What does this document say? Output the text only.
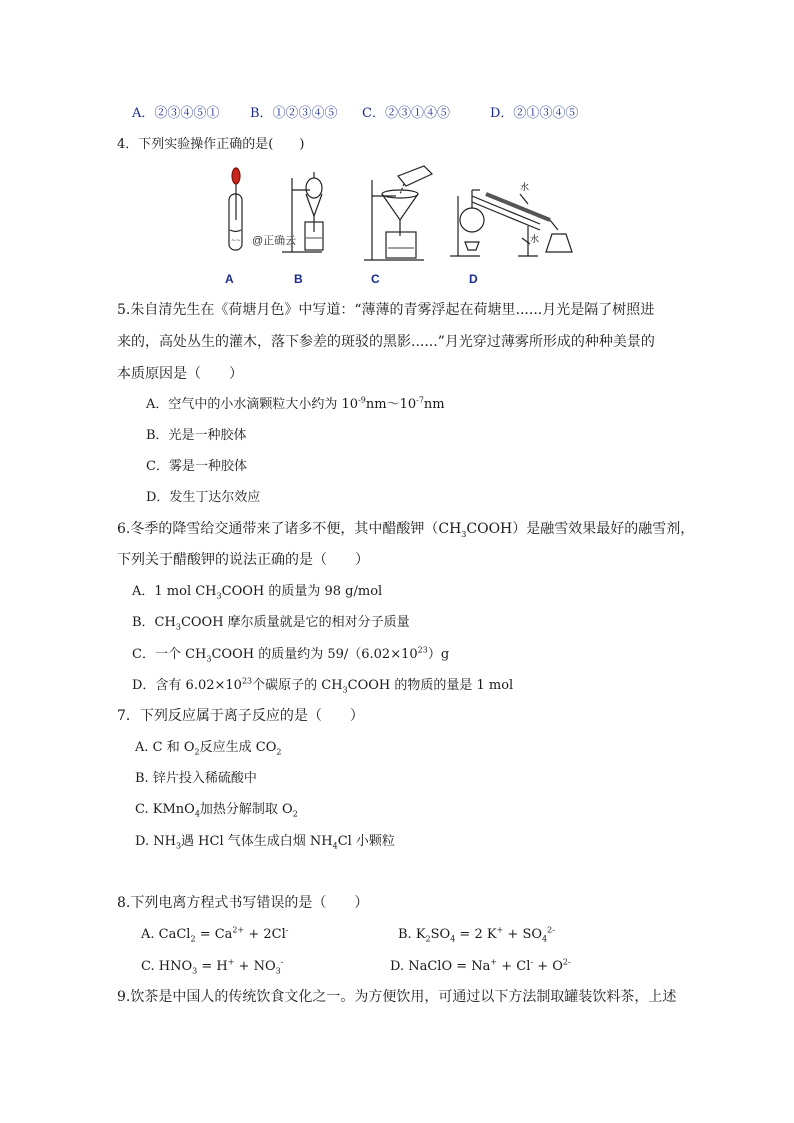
A．②③④⑤① B．①②③④⑤ C．②③①④⑤	D．②①③④⑤
4．下列实验操作正确的是(　　)
~~
水
水
@正确云
A	B	C	D
5.朱自清先生在《荷塘月色》中写道：“薄薄的青雾浮起在荷塘里......月光是隔了树照进
来的，高处丛生的灌木，落下参差的斑驳的黑影......”月光穿过薄雾所形成的种种美景的
本质原因是（　　）
A．空气中的小水滴颗粒大小约为 $10^{-9}nm\sim 10^{-7}nm$
B．光是一种胶体
C．雾是一种胶体
D．发生丁达尔效应
6.冬季的降雪给交通带来了诸多不便，其中醋酸钾$(CH_3COOH)$是融雪效果最好的融雪剂，
下列关于醋酸钾的说法正确的是（　　）
A．1 mol $CH_3COOH$ 的质量为 98 g/mol
B．$CH_3COOH$ 摩尔质量就是它的相对分子质量
C．一个 $CH_3COOH$ 的质量约为 $59/(6.02\times 10^{23})g$
D．含有 $6.02\times 10^{23}$个碳原子的 $CH_3COOH$ 的物质的量是 1 mol
7．下列反应属于离子反应的是（　　）
A. C 和 $O_2$反应生成 $CO_2$
B. 锌片投入稀硫酸中
C. KMnO$_4$加热分解制取 $O_2$
D. $NH_3$遇 HCl 气体生成白烟 $NH_4Cl$ 小颗粒
8.下列电离方程式书写错误的是（　　）
A. CaCl$_2$ = $Ca^{2+} + 2Cl^-$	B. $K_2SO_4 = 2$ $K^+ + SO_4^{2-}$
C. $HNO_3 = H^+ + NO_3^-$	D. NaClO = $Na^+ + Cl^- + O^{2-}$
9.饮茶是中国人的传统饮食文化之一。为方便饮用，可通过以下方法制取罐装饮料茶，上述
